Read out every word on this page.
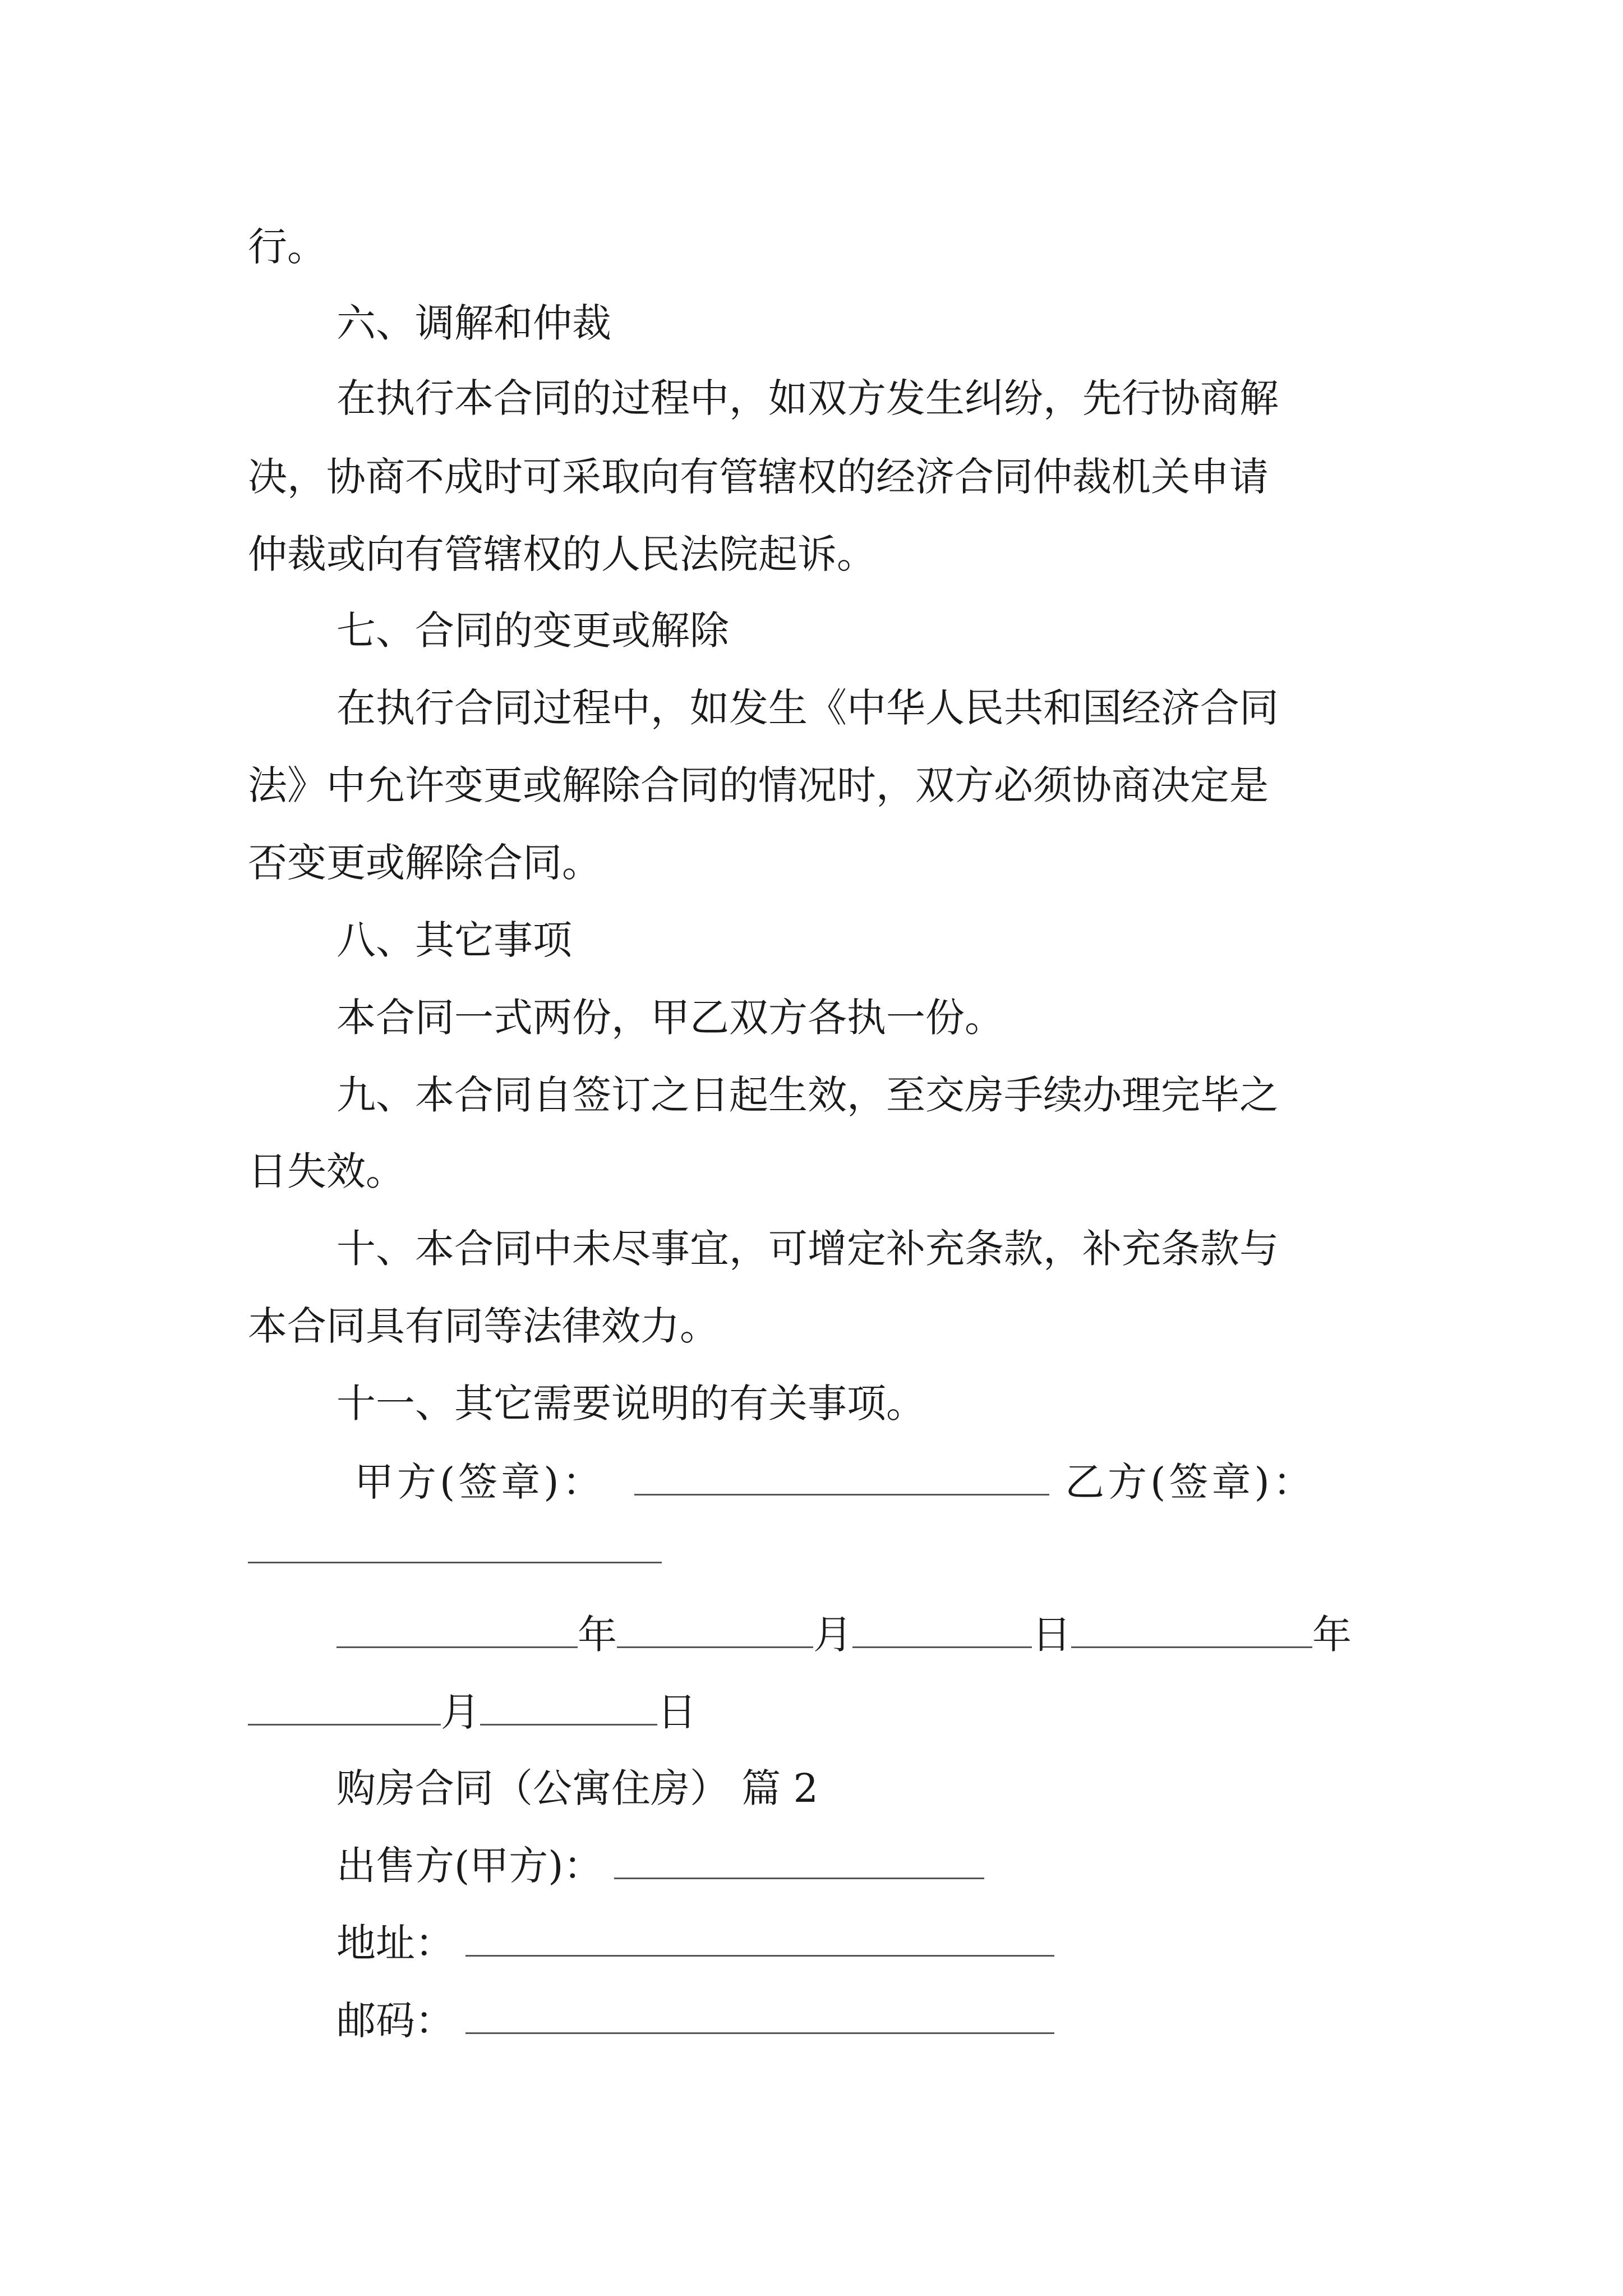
行。

六、调解和仲裁

在执行本合同的过程中，如双方发生纠纷，先行协商解

决，协商不成时可采取向有管辖权的经济合同仲裁机关申请

仲裁或向有管辖权的人民法院起诉。

七、合同的变更或解除

在执行合同过程中，如发生《中华人民共和国经济合同

法》中允许变更或解除合同的情况时，双方必须协商决定是

否变更或解除合同。

八、其它事项

本合同一式两份，甲乙双方各执一份。

九、本合同自签订之日起生效，至交房手续办理完毕之

日失效。

十、本合同中未尽事宜，可增定补充条款，补充条款与

本合同具有同等法律效力。

十一、其它需要说明的有关事项。

甲方(签章)：	乙方(签章)：

年	月	日	年

月	日

购房合同（公寓住房） 篇 2

出售方(甲方)：

地址：

邮码：
